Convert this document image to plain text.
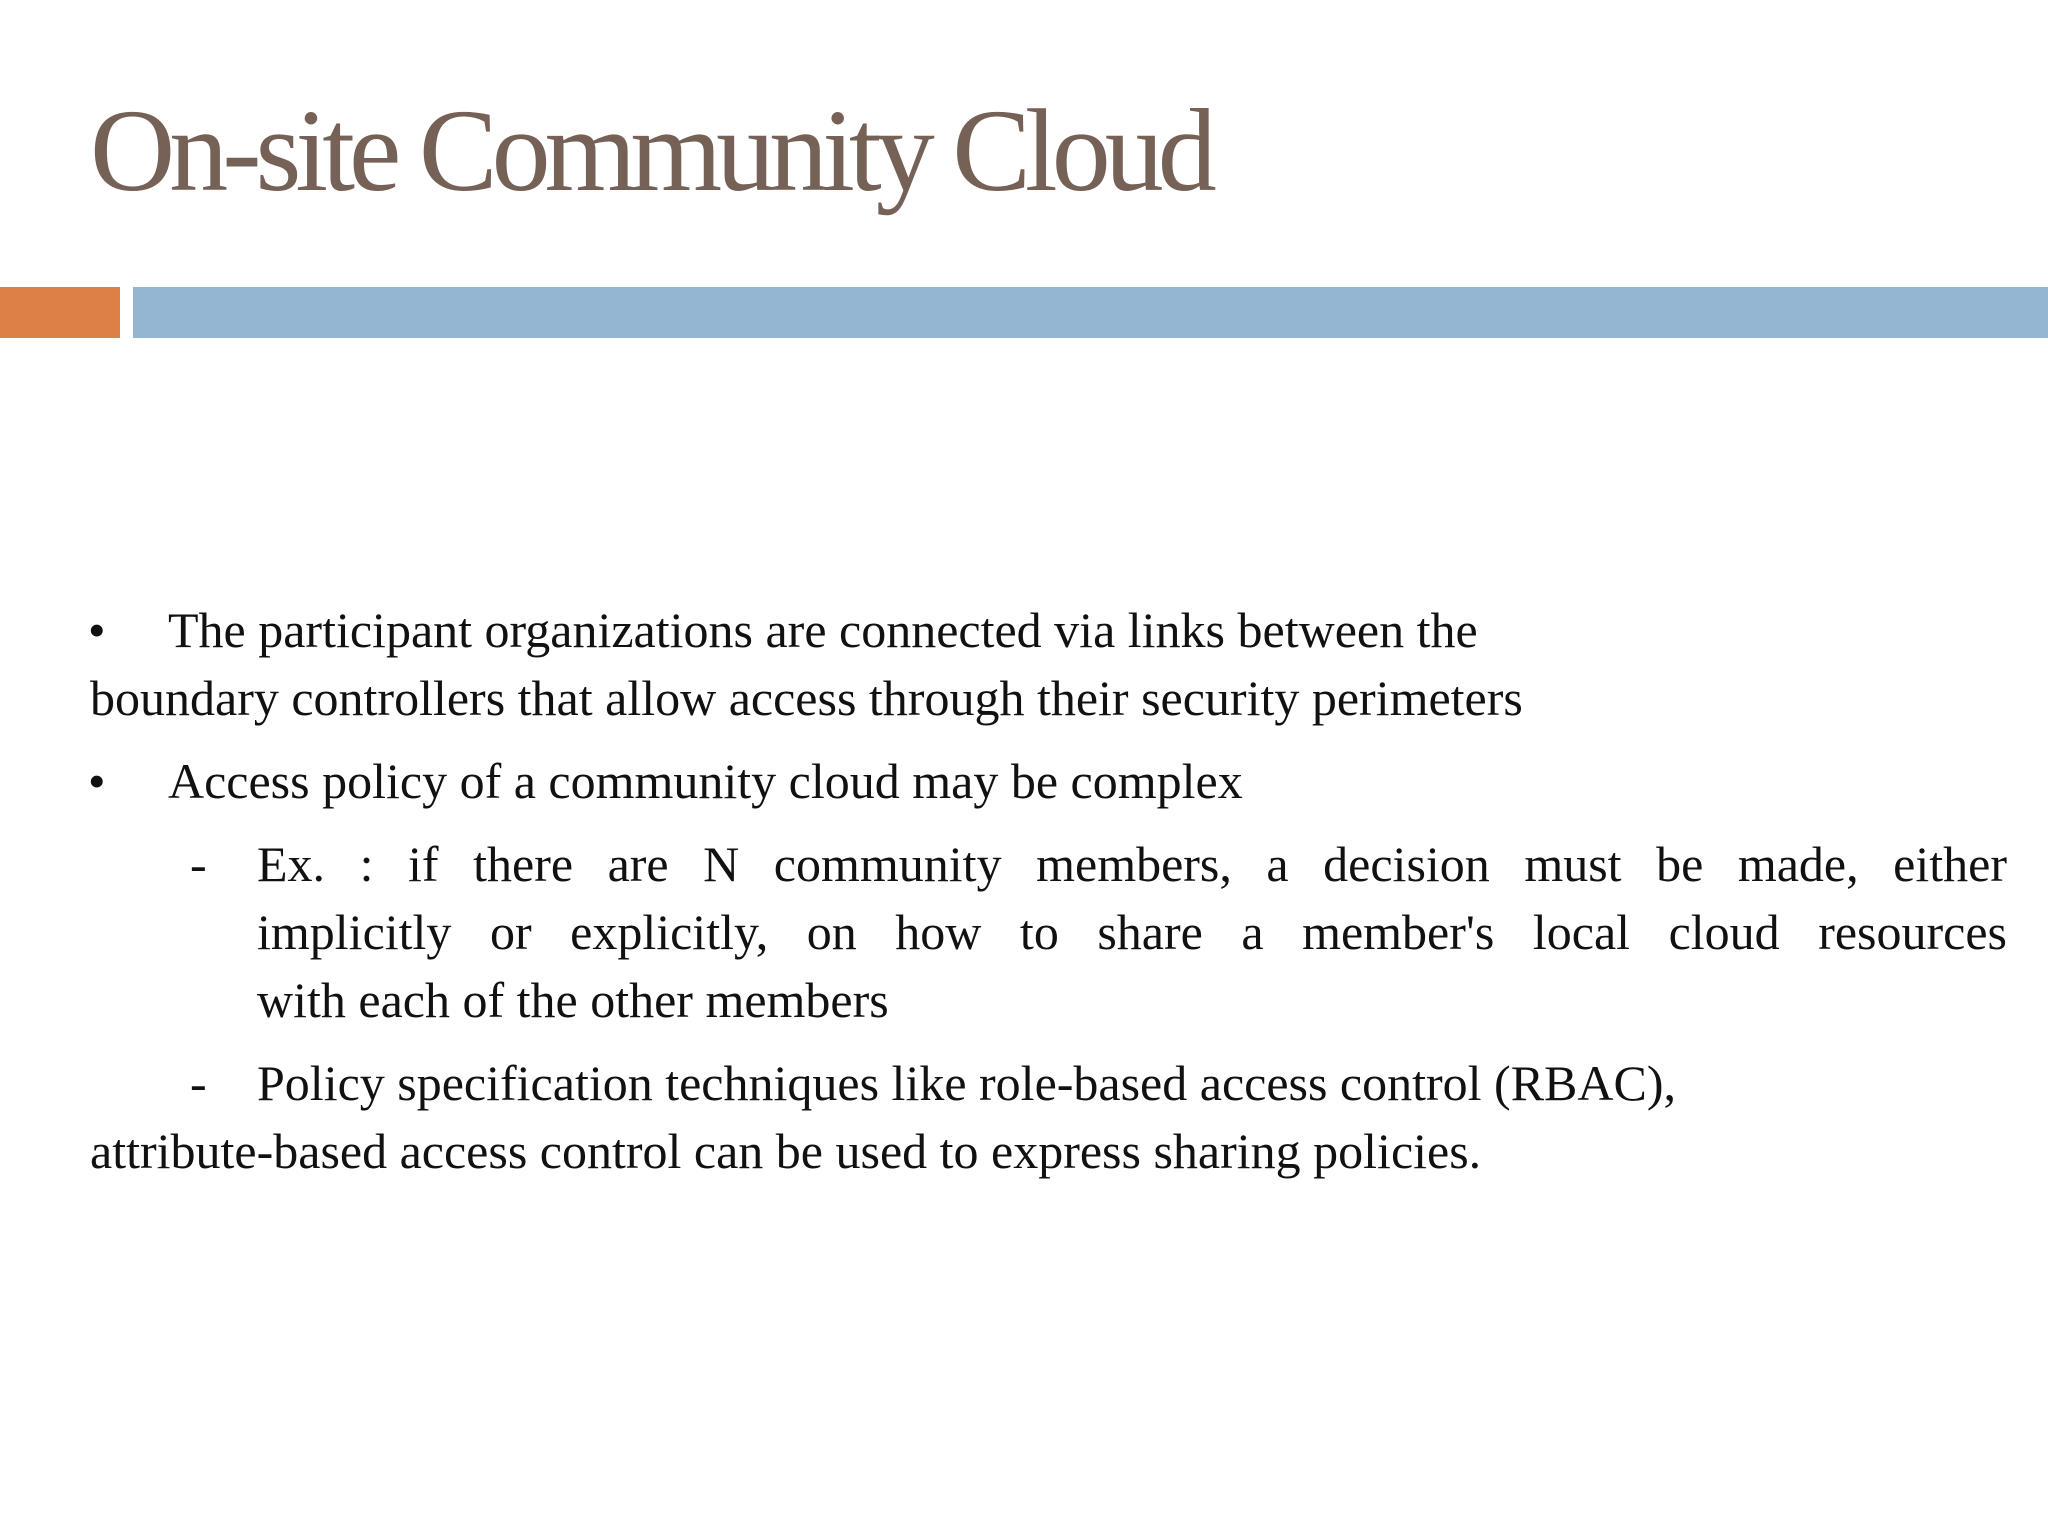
On-site Community Cloud
• The participant organizations are connected via links between the
boundary controllers that allow access through their security perimeters
• Access policy of a community cloud may be complex
- Ex. : if there are N community members, a decision must be made, either
implicitly or explicitly, on how to share a member's local cloud resources
with each of the other members
- Policy specification techniques like role-based access control (RBAC),
attribute-based access control can be used to express sharing policies.
